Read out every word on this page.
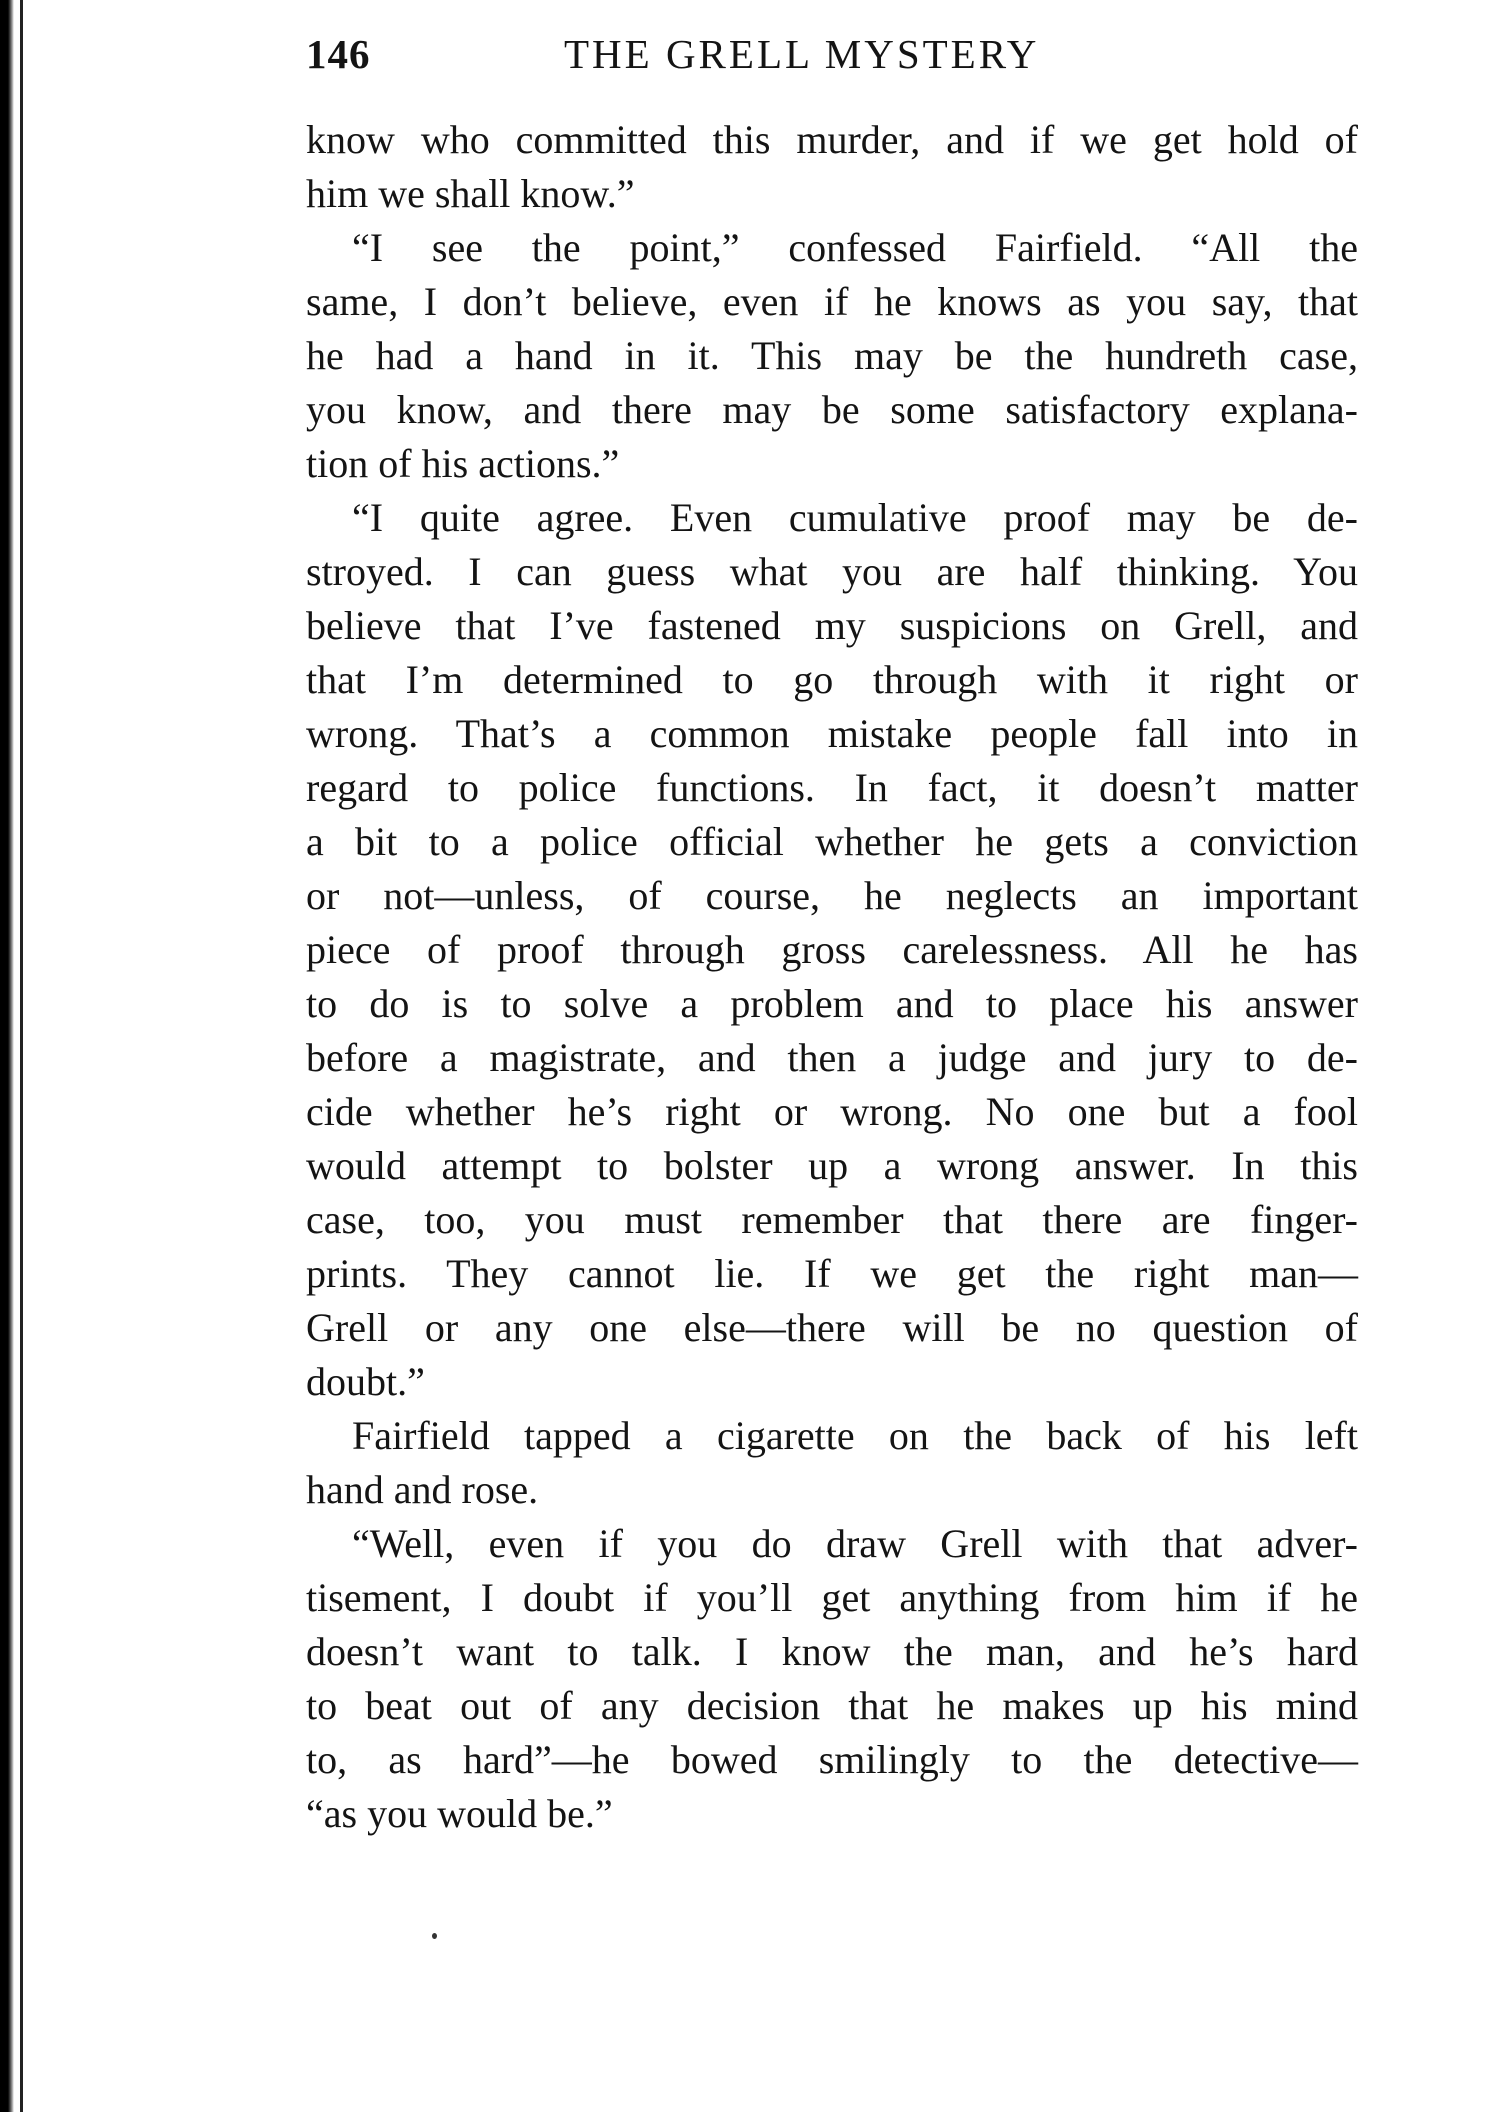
146	THE GRELL MYSTERY
know who committed this murder, and if we get hold of
him we shall know.”
“I see the point,” confessed Fairfield. “All the
same, I don’t believe, even if he knows as you say, that
he had a hand in it. This may be the hundreth case,
you know, and there may be some satisfactory explana-
tion of his actions.”
“I quite agree. Even cumulative proof may be de-
stroyed. I can guess what you are half thinking. You
believe that I’ve fastened my suspicions on Grell, and
that I’m determined to go through with it right or
wrong. That’s a common mistake people fall into in
regard to police functions. In fact, it doesn’t matter
a bit to a police official whether he gets a conviction
or not—unless, of course, he neglects an important
piece of proof through gross carelessness. All he has
to do is to solve a problem and to place his answer
before a magistrate, and then a judge and jury to de-
cide whether he’s right or wrong. No one but a fool
would attempt to bolster up a wrong answer. In this
case, too, you must remember that there are finger-
prints. They cannot lie. If we get the right man—
Grell or any one else—there will be no question of
doubt.”
Fairfield tapped a cigarette on the back of his left
hand and rose.
“Well, even if you do draw Grell with that adver-
tisement, I doubt if you’ll get anything from him if he
doesn’t want to talk. I know the man, and he’s hard
to beat out of any decision that he makes up his mind
to, as hard”—he bowed smilingly to the detective—
“as you would be.”
